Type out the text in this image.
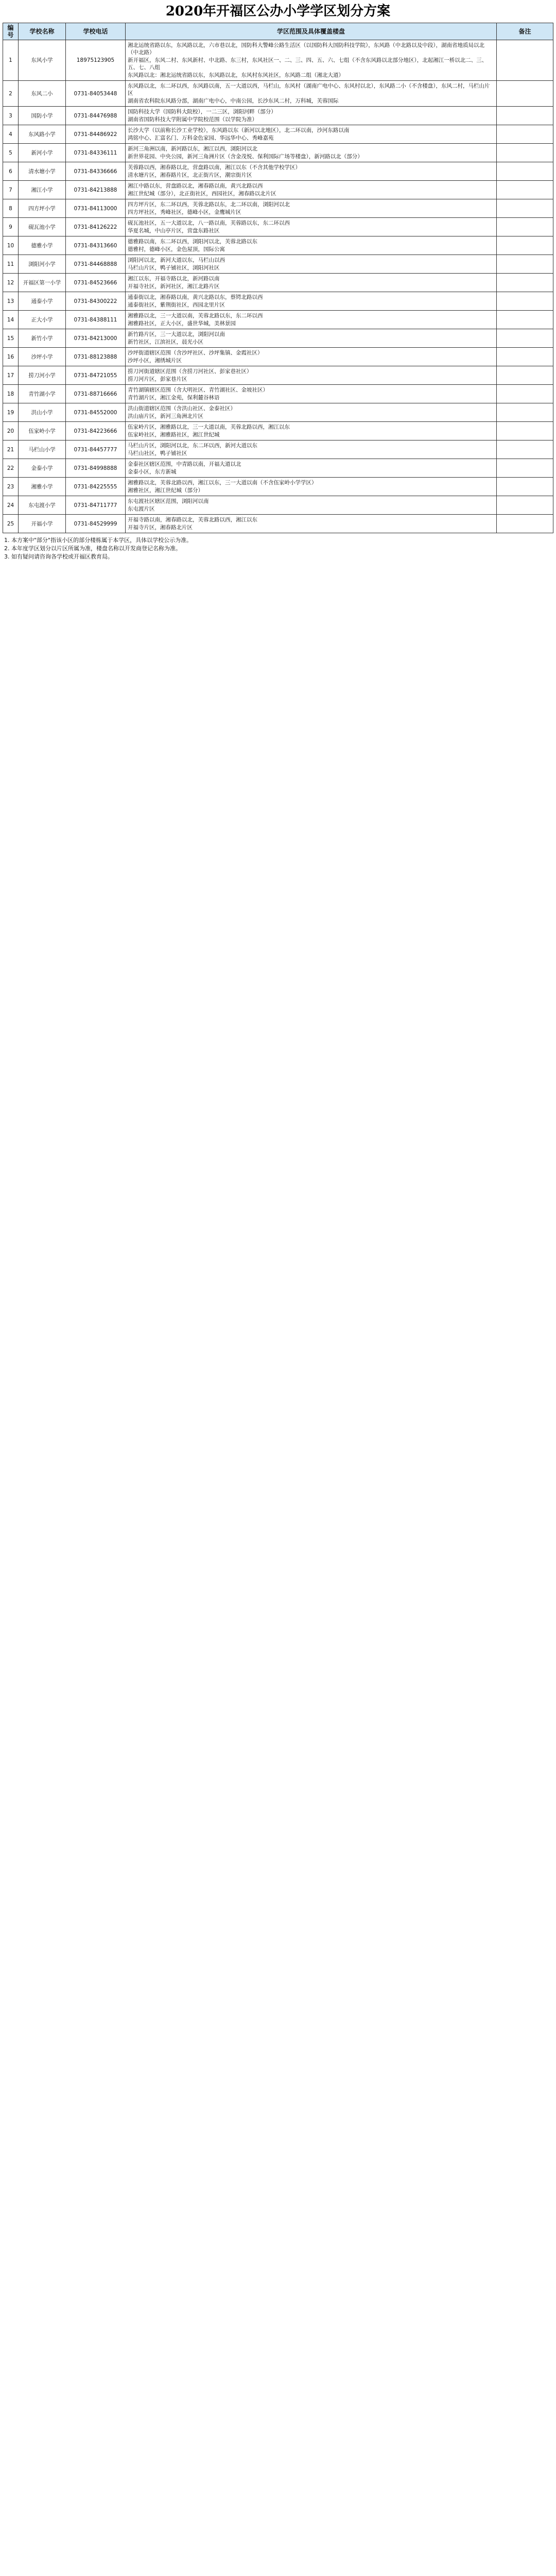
2020年开福区公办小学学区划分方案
编号	学校名称	学校电话	学区范围及具体覆盖楼盘	备注
1	东风小学	18975123905	湘北运统省路以东，东风路以北，六市巷以北，国防科大警峰公路生活区（以国防科大国防科技学院），东风路（中北路以及中段），湖南省地质局以北（中北路）
新开福区，东风二村、东风新村、中北路、东三村，东风社区一、二、三、四、五、六、七组（不含东风路以北部分地区），北起湘江一桥以北二、三、五、七、八组
东风路以北：湘北运统省路以东，东风路以北，东风村东风社区，东风路二组（湘北大道）	

2	东风二小	0731-84053448	东风路以北，东二环以西，东风路以南，五一大道以西，马栏山，东风村（湖南广电中心、东风村以北），东风路二小（不含楼盘），东风二村，马栏山片区
湖南省农科院东风路分部，湖南广电中心，中南公园，长沙东风二村，万科城，芙蓉国际	

3	国防小学	0731-84476988	国防科技大学（国防科大院校），一二三区，浏阳河畔（部分）
湖南省国防科技大学附属中学院校范围（以学院为准）	

4	东风路小学	0731-84486922	长沙大学（以前称长沙工业学校），东风路以东（新河以北地区），北二环以南，沙河东路以南
鸿铭中心、汇富名门、万科金色家园、华远华中心、秀峰嘉苑	

5	新河小学	0731-84336111	新河三角洲以南，新河路以东，湘江以西，浏阳河以北
新世界花园、中央公园，新河三角洲片区（含金茂悦、保利国际广场等楼盘），新河路以北（部分）	

6	清水塘小学	0731-84336666	芙蓉路以西，湘春路以北，营盘路以南，湘江以东（不含其他学校学区）
清水塘片区，湘春路片区，北正街片区，潮宗街片区	

7	湘江小学	0731-84213888	湘江中路以东，营盘路以北，湘春路以南，黄兴北路以西
湘江世纪城（部分），北正街社区，西园社区，湘春路以北片区	

8	四方坪小学	0731-84113000	四方坪片区，东二环以西，芙蓉北路以东，北二环以南，浏阳河以北
四方坪社区，秀峰社区，德峰小区，金鹰城片区	

9	砚瓦池小学	0731-84126222	砚瓦池社区，五一大道以北，八一路以南，芙蓉路以东，东二环以西
华夏名城，中山亭片区，营盘东路社区	

10	德雅小学	0731-84313660	德雅路以南，东二环以西，浏阳河以北，芙蓉北路以东
德雅村，德峰小区，金色屋顶，国际公寓	

11	浏阳河小学	0731-84468888	浏阳河以北，新河大道以东，马栏山以西
马栏山片区，鸭子铺社区，浏阳河社区	

12	开福区第一小学	0731-84523666	湘江以东，开福寺路以北，新河路以南
开福寺社区，新河社区，湘江北路片区	

13	通泰小学	0731-84300222	通泰街以北，湘春路以南，黄兴北路以东，蔡锷北路以西
通泰街社区，紫荆街社区，西园北里片区	

14	正大小学	0731-84388111	湘雅路以北，三一大道以南，芙蓉北路以东，东二环以西
湘雅路社区，正大小区，盛世华城，美林景园	

15	新竹小学	0731-84213000	新竹路片区，三一大道以北，浏阳河以南
新竹社区，江滨社区，晨光小区	

16	沙坪小学	0731-88123888	沙坪街道辖区范围（含沙坪社区、沙坪集镇、金霞社区）
沙坪小区，湘绣城片区	

17	捞刀河小学	0731-84721055	捞刀河街道辖区范围（含捞刀河社区、彭家巷社区）
捞刀河片区，彭家巷片区	

18	青竹湖小学	0731-88716666	青竹湖镇辖区范围（含大明社区、青竹湖社区、金坡社区）
青竹湖片区，湘江金苑，保利麓谷林语	

19	洪山小学	0731-84552000	洪山街道辖区范围（含洪山社区、金泰社区）
洪山庙片区，新河三角洲北片区	

20	伍家岭小学	0731-84223666	伍家岭片区，湘雅路以北，三一大道以南，芙蓉北路以西，湘江以东
伍家岭社区，湘雅路社区，湘江世纪城	

21	马栏山小学	0731-84457777	马栏山片区，浏阳河以北，东二环以西，新河大道以东
马栏山社区，鸭子铺社区	

22	金泰小学	0731-84998888	金泰社区辖区范围，中青路以南，开福大道以北
金泰小区，东方新城	

23	湘雅小学	0731-84225555	湘雅路以北，芙蓉北路以西，湘江以东，三一大道以南（不含伍家岭小学学区）
湘雅社区，湘江世纪城（部分）	

24	东屯渡小学	0731-84711777	东屯渡社区辖区范围，浏阳河以南
东屯渡片区	

25	开福小学	0731-84529999	开福寺路以南，湘春路以北，芙蓉北路以西，湘江以东
开福寺片区，湘春路北片区	

1. 本方案中"部分"指该小区的部分楼栋属于本学区，具体以学校公示为准。
2. 本年度学区划分以片区所属为准，楼盘名称以开发商登记名称为准。
3. 如有疑问请咨询各学校或开福区教育局。
